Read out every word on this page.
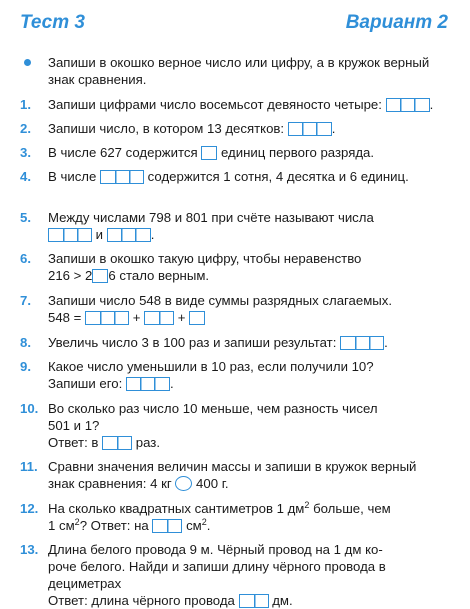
Тест 3	Вариант 2
Запиши в окошко верное число или цифру, а в кружок верный знак сравнения.
1.	Запиши цифрами число восемьсот девяносто четыре:	.
2.	Запиши число, в котором 13 десятков:	.
3.	В числе 627 содержится единиц первого разряда.
4.	В числе	содержится 1 сотня, 4 десятка и 6 единиц.
5.	Между числами 798 и 801 при счёте называют числа
и	.
6.	Запиши в окошко такую цифру, чтобы неравенство
216 > 2 6 стало верным.
7.	Запиши число 548 в виде суммы разрядных слагаемых.
548 =	+	+
8.	Увеличь число 3 в 100 раз и запиши результат:	.
9.	Какое число уменьшили в 10 раз, если получили 10?
Запиши его:	.
10. Во сколько раз число 10 меньше, чем разность чисел
501 и 1?
Ответ: в	раз.
11. Сравни значения величин массы и запиши в кружок верный
знак сравнения: 4 кг 400 г.
12. На сколько квадратных сантиметров 1 $дм^2$ больше, чем
1 $см^2$? Ответ: на	$см^2$.
13. Длина белого провода 9 м. Чёрный провод на 1 дм ко-
роче белого. Найди и запиши длину чёрного провода в
дециметрах
Ответ: длина чёрного провода	дм.
